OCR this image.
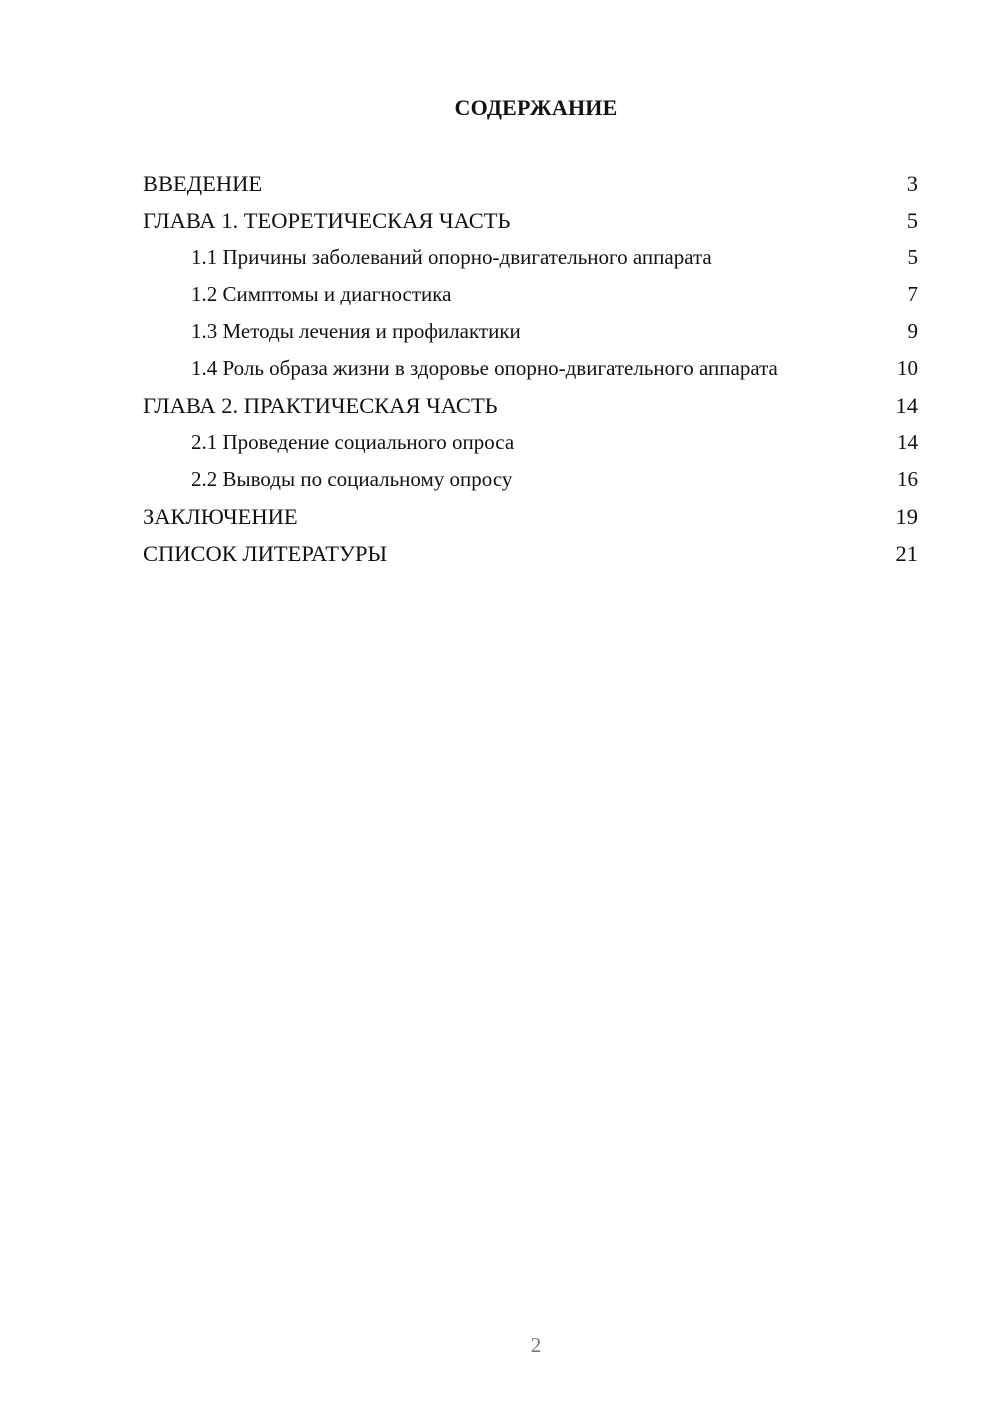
СОДЕРЖАНИЕ
ВВЕДЕНИЕ	3
ГЛАВА 1. ТЕОРЕТИЧЕСКАЯ ЧАСТЬ	5
1.1 Причины заболеваний опорно-двигательного аппарата	5
1.2 Симптомы и диагностика	7
1.3 Методы лечения и профилактики	9
1.4 Роль образа жизни в здоровье опорно-двигательного аппарата	10
ГЛАВА 2. ПРАКТИЧЕСКАЯ ЧАСТЬ	14
2.1 Проведение социального опроса	14
2.2 Выводы по социальному опросу	16
ЗАКЛЮЧЕНИЕ	19
СПИСОК ЛИТЕРАТУРЫ	21
2
